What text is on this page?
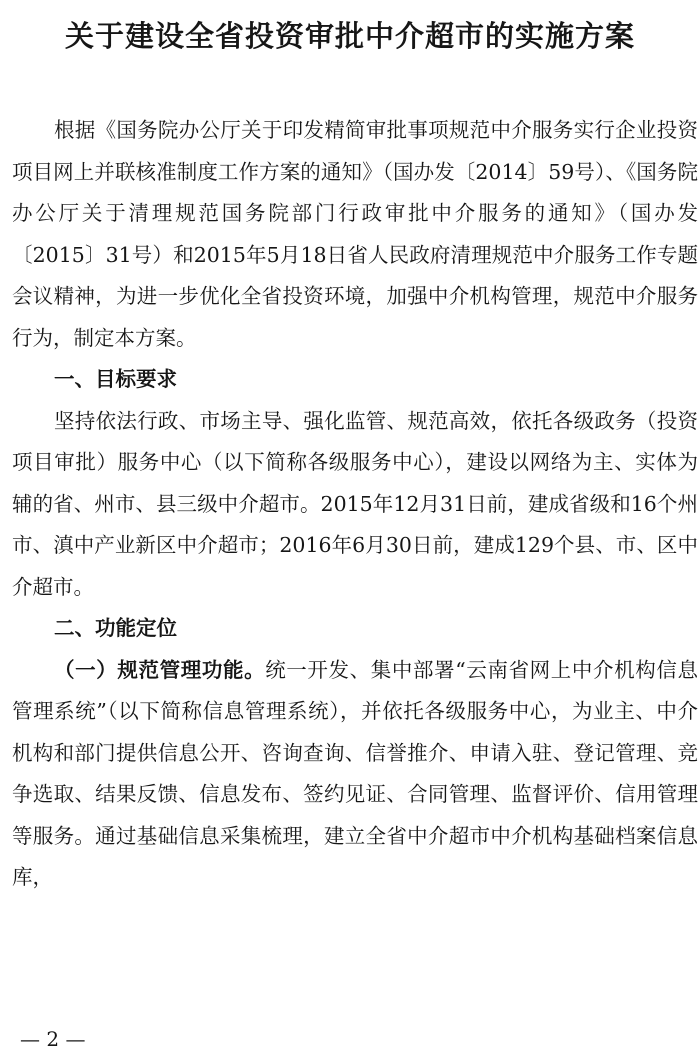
关于建设全省投资审批中介超市的实施方案

根据《国务院办公厅关于印发精简审批事项规范中介服务实行企业投资项目网上并联核准制度工作方案的通知》（国办发〔2014〕59号）、《国务院办公厅关于清理规范国务院部门行政审批中介服务的通知》（国办发〔2015〕31号）和2015年5月18日省人民政府清理规范中介服务工作专题会议精神，为进一步优化全省投资环境，加强中介机构管理，规范中介服务行为，制定本方案。

一、目标要求

坚持依法行政、市场主导、强化监管、规范高效，依托各级政务（投资项目审批）服务中心（以下简称各级服务中心），建设以网络为主、实体为辅的省、州市、县三级中介超市。2015年12月31日前，建成省级和16个州市、滇中产业新区中介超市；2016年6月30日前，建成129个县、市、区中介超市。

二、功能定位

（一）规范管理功能。统一开发、集中部署“云南省网上中介机构信息管理系统”（以下简称信息管理系统），并依托各级服务中心，为业主、中介机构和部门提供信息公开、咨询查询、信誉推介、申请入驻、登记管理、竞争选取、结果反馈、信息发布、签约见证、合同管理、监督评价、信用管理等服务。通过基础信息采集梳理，建立全省中介超市中介机构基础档案信息库，

— 2 —
